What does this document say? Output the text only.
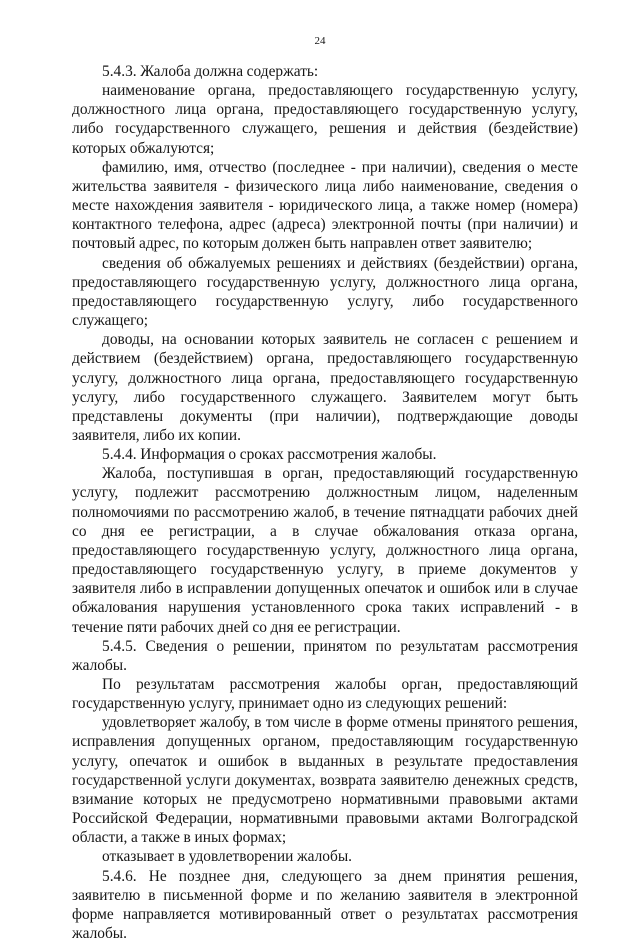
24

5.4.3. Жалоба должна содержать:

наименование органа, предоставляющего государственную услугу, должностного лица органа, предоставляющего государственную услугу, либо государственного служащего, решения и действия (бездействие) которых обжалуются;

фамилию, имя, отчество (последнее - при наличии), сведения о месте жительства заявителя - физического лица либо наименование, сведения о месте нахождения заявителя - юридического лица, а также номер (номера) контактного телефона, адрес (адреса) электронной почты (при наличии) и почтовый адрес, по которым должен быть направлен ответ заявителю;

сведения об обжалуемых решениях и действиях (бездействии) органа, предоставляющего государственную услугу, должностного лица органа, предоставляющего государственную услугу, либо государственного служащего;

доводы, на основании которых заявитель не согласен с решением и действием (бездействием) органа, предоставляющего государственную услугу, должностного лица органа, предоставляющего государственную услугу, либо государственного служащего. Заявителем могут быть представлены документы (при наличии), подтверждающие доводы заявителя, либо их копии.

5.4.4. Информация о сроках рассмотрения жалобы.

Жалоба, поступившая в орган, предоставляющий государственную услугу, подлежит рассмотрению должностным лицом, наделенным полномочиями по рассмотрению жалоб, в течение пятнадцати рабочих дней со дня ее регистрации, а в случае обжалования отказа органа, предоставляющего государственную услугу, должностного лица органа, предоставляющего государственную услугу, в приеме документов у заявителя либо в исправлении допущенных опечаток и ошибок или в случае обжалования нарушения установленного срока таких исправлений - в течение пяти рабочих дней со дня ее регистрации.

5.4.5. Сведения о решении, принятом по результатам рассмотрения жалобы.

По результатам рассмотрения жалобы орган, предоставляющий государственную услугу, принимает одно из следующих решений:

удовлетворяет жалобу, в том числе в форме отмены принятого решения, исправления допущенных органом, предоставляющим государственную услугу, опечаток и ошибок в выданных в результате предоставления государственной услуги документах, возврата заявителю денежных средств, взимание которых не предусмотрено нормативными правовыми актами Российской Федерации, нормативными правовыми актами Волгоградской области, а также в иных формах;

отказывает в удовлетворении жалобы.

5.4.6. Не позднее дня, следующего за днем принятия решения, заявителю в письменной форме и по желанию заявителя в электронной форме направляется мотивированный ответ о результатах рассмотрения жалобы.
